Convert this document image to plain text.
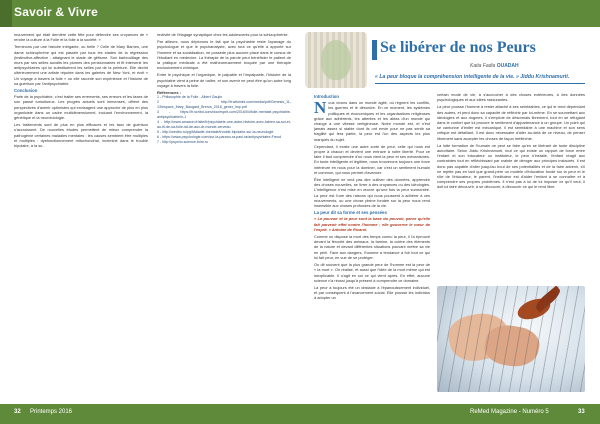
Savoir & Vivre

mouvement qui était dernière cette fête pour défendre ses croyances de « rendre la culture à la Folie et la folie à la société. »

Terminons par une histoire intrigante, ou belle ? Celle de Mary Barnes, une dame schizophrène qui est passée par tous les stades de la régression (instinctive-affective : attaignant le stade de gêtisme. Son barbouillage des murs par ses selles auxdits les plumes des pensionnaires et fit intervenir les antipsychiatres qui lui substituèrent les selles par de la peinture. Elle devint ultérieurement une artiste réputée dans les galeries de New York, et écrit « Un voyage à travers la folie » où elle raconte son expérience et l'histoire de sa guérison par l'antipsychiatrie.

Conclusion

Parle de la psychiatrie, c'est traiter ses errements, ses erreurs et les taxes de son passé tumultueux. Les progrès actuels sont immenses, offrent des perspectives d'avenir optimistes qui envisagent une approche de plus en plus organiciste dans un cadre multidimensionnel, incluant l'environnement, la génétique et la neurobiologie.

Les traitements sont de plus en plus efficaces et les taux de guérison s'accroissent. De nouvelles études permettent de mieux comprendre la pathogénie certaines maladies mentales ; les causes semblent être multiples et multiples : dysfonctionnement mitochondrial, incriminé dans le trouble bipolaire, à la su-

rectivité de l'élagage synaptique chez les adolescents pour la schizophrénie.

Par ailleurs, nous déplorons le fait que la psychiatrie reste l'apanage du psychologue et que le psychanalyste, avec tout ce qu'elle a apporté sur l'homme et sa socialisation, ne possède plus aucune place dans le cursus de l'étudiant en médecine. La thérapie de la parole peut bénéficier le patient de la pratique médicale a été malheureusement troquée par une thérapie exclusivement chimique.

Entre le psychique et l'organique, le palpable et l'impalpable, l'histoire de la psychiatrie vient à peine de naître, et son avenir ne peut être qu'un autre long voyage à travers la folie.

Références :
1 - Philosophie de la Folie - Albert Gaujin
2 - http://fr.wikimini.com/media/pdf/Genesis_11-13/espace_Mary_Baugard_Breros_2016_gener_lmp.pdf
3 - https://fr.scribd.com/doc/esprit.com/2016/04/folie-mentale-psychiatrie-antipsychiatrie/n-1
4 - http://www.amazon.fr/site/fr/psychiatrie-une-autre-histoire-avec-fabien-sa-soi-et-au-fil-de-sa-folie-lat-de-aux-dr-monde-cerveau
5 - http://wedbo.ru/pg/Maladie-mentale/trouble-bipolaire-sur-la-neurologie
6 - https://www.psychologie.com/sur-la-parano-ra-pasi-ra/antipsychiatre-Freud
7 - http://psycho.science-foire.ru
32 Printemps 2016
Se libérer de nos Peurs
Katia Fadia OUADAH
« La peur bloque la compréhension intelligente de la vie. » Jiddu Krishnamurti.
Introduction

Nous vivons dans un monde agité, où règnent les conflits, les guerres et le désordre. En ce moment, les systèmes politiques et économiques et les organisations religieuses grâce aux adhérents, les attentes et les aléas d'un monde qui change à une vitesse vertigineuse. Notre monde est, et n'est jamais assez si stable dont ils ont envie pour ne pas sentir sa fragilité qui fera partie, la peur est l'un des aspects les plus marqués du sujet.

Cependant, il existe une autre sorte de peur, celle qui nous est propre à chacun et devient une entrave à notre liberté. Pour ce faire il faut comprendre d'où nous vient la peur et ses mécanismes. En toute intelligente et légitime, nous trouverons toujours une force intérieure en nous pour la dominer, car c'est un sentiment humain et commun, qui nous permet d'avancer.

Être intelligent ne veut pas dire cultiver des données, apprendre des choses nouvelles, se livrer à des croyances ou des idéologies. L'intelligence n'est mise en œuvre qu'une fois la peur surmontée. La peur est l'une des raisons qui nous poussent à adhérer à ces mouvements, ou une chose pleine fondée sur la peur nous rend insensible aux choses profondes de la vie.

La peur dit sa forme et ses pensées

« Le pouvoir et la peur sont la base du pouvoir, parce qu'elle fait parvenir effet contre l'homme ; elle gouverne le cœur de l'esprit. » Antoine de Rivarol.

Comme on dispose la mort des temps connu la peur, il l'a éprouvé devant la férocité des animaux, la famine, la colère des éléments de la nature et devant différentes situations pouvant mettre sa vie en péril. Face aux dangers, l'homme a tendance à fuir tout ce qui lui fait peur, en vue de se protéger.

On dit souvent que la plus grande peur de l'homme est la peur de « la mort ». On réalise, et aussi que l'idée de la mort même qui est inexplicable. Il s'agit en soi ce qui vient après. En effet, aucune science n'a réussi jusqu'à présent à comprendre ce domaine.

La peur a toujours été un obstacle à l'épanouissement individuel, et par conséquent à l'avancement social. Elle pousse les individus à adopter un

certain mode de vie, à s'accrocher à des choses extérieures, à des données psychologiques et aux idées rassurantes.

La peur pousse l'homme à rester attaché à ses semblables, ce qui le rend dépendant des autres, et perd donc sa capacité de réfléchir par lui-même. En se soumettant aux idéologies et aux dogmes, il s'emploie de désormais librement, tout en se réfugiant dans le confort que lui procure le sentiment d'appartenance à un groupe. Un point qui se cantonne d'imiter est mécanique, il est semblable à une machine et son sens critique est défaillant. Il est donc nécessaire d'aller au-delà de ce niveau, de penser librement sans accepter les choses de façon irréfléchie.

La lutte formation de l'humain ne peut se faire qu'en se libérant de toute discipline autoritaire. Selon Jiddu Krishnamurti, tout ce qui existe un rapport de force entre l'enfant et son éducateur ou instituteur, le peur s'installe, l'enfant réagit aux contraintes tout en réfléchissant par crainte de déroger aux principes instaurés. Il est donc pas capable d'aller jusqu'au bout de ses potentialités et de la faire advenir, s'il ne rejette pas en tant que grand-père un modèle d'éducation fondé sur la peur et le rôle de l'éducateur, le parent, l'instituteur est d'aider l'enfant à se connaître et à comprendre ses propres problèmes. Il n'est pas à lui de lui imposer ce qu'il veut, il doit lui faire découvrir, à se découvrir, à découvrir ce qui le rend libre.

ReMed Magazine - Numéro 5	33
